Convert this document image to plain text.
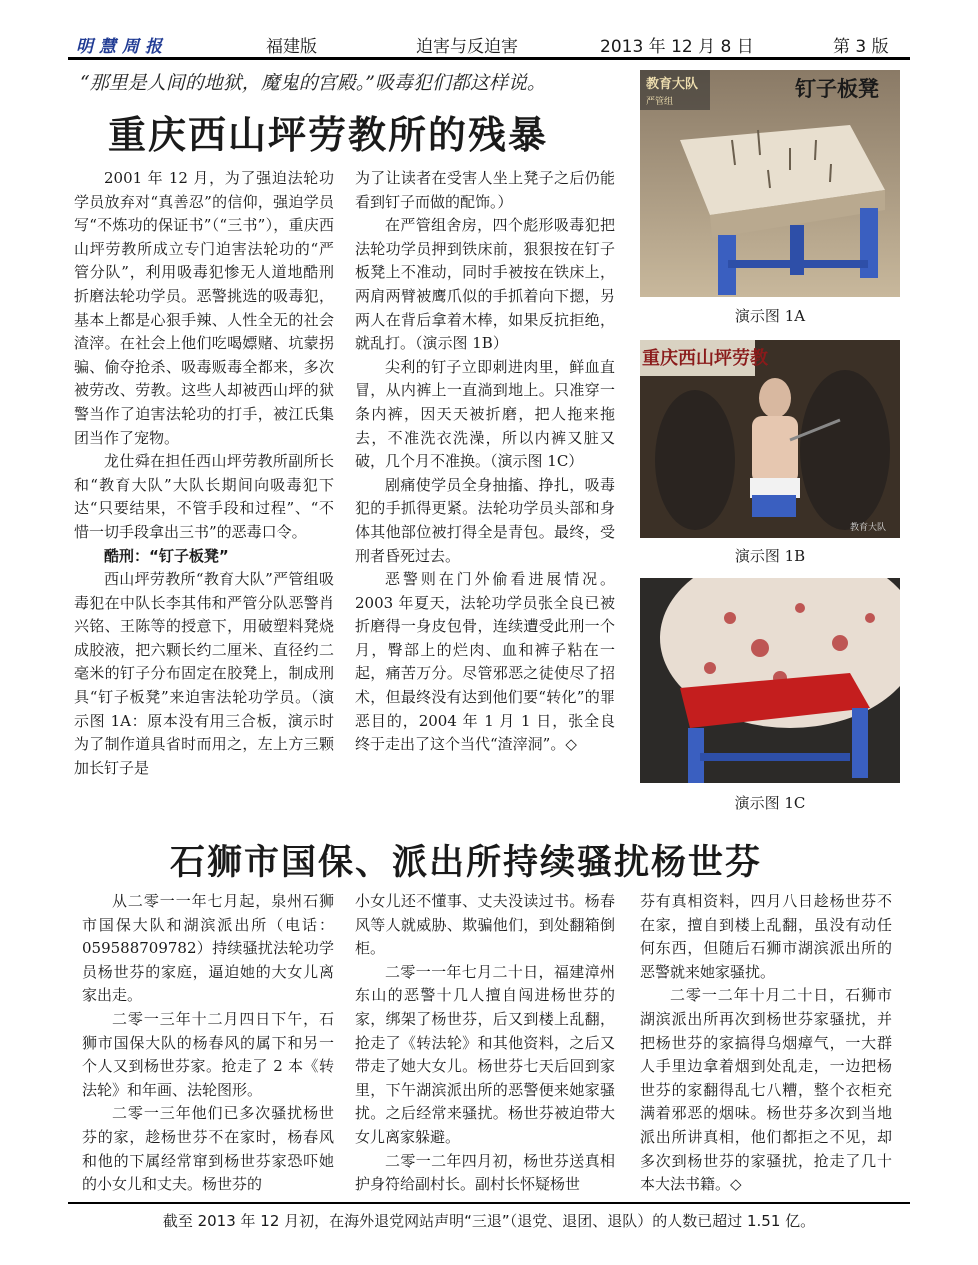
明慧周报	福建版	迫害与反迫害	2013 年 12 月 8 日	第 3 版
“那里是人间的地狱，魔鬼的宫殿。”吸毒犯们都这样说。
重庆西山坪劳教所的残暴

2001 年 12 月，为了强迫法轮功学员放弃对“真善忍”的信仰，强迫学员写“不炼功的保证书”（“三书”），重庆西山坪劳教所成立专门迫害法轮功的“严管分队”，利用吸毒犯惨无人道地酷刑折磨法轮功学员。恶警挑选的吸毒犯，基本上都是心狠手辣、人性全无的社会渣滓。在社会上他们吃喝嫖赌、坑蒙拐骗、偷夺抢杀、吸毒贩毒全都来，多次被劳改、劳教。这些人却被西山坪的狱警当作了迫害法轮功的打手，被江氏集团当作了宠物。

龙仕舜在担任西山坪劳教所副所长和“教育大队”大队长期间向吸毒犯下达“只要结果，不管手段和过程”、“不惜一切手段拿出三书”的恶毒口令。

酷刑：“钉子板凳”

西山坪劳教所“教育大队”严管组吸毒犯在中队长李其伟和严管分队恶警肖兴铭、王陈等的授意下，用破塑料凳烧成胶液，把六颗长约二厘米、直径约二毫米的钉子分布固定在胶凳上，制成刑具“钉子板凳”来迫害法轮功学员。（演示图 1A：原本没有用三合板，演示时为了制作道具省时而用之，左上方三颗加长钉子是

为了让读者在受害人坐上凳子之后仍能看到钉子而做的配饰。）

在严管组舍房，四个彪形吸毒犯把法轮功学员押到铁床前，狠狠按在钉子板凳上不准动，同时手被按在铁床上，两肩两臂被鹰爪似的手抓着向下摁，另两人在背后拿着木棒，如果反抗拒绝，就乱打。（演示图 1B）

尖利的钉子立即刺进肉里，鲜血直冒，从内裤上一直淌到地上。只准穿一条内裤，因天天被折磨，把人拖来拖去，不准洗衣洗澡，所以内裤又脏又破，几个月不准换。（演示图 1C）

剧痛使学员全身抽搐、挣扎，吸毒犯的手抓得更紧。法轮功学员头部和身体其他部位被打得全是青包。最终，受刑者昏死过去。

恶警则在门外偷看进展情况。2003 年夏天，法轮功学员张全良已被折磨得一身皮包骨，连续遭受此刑一个月，臀部上的烂肉、血和裤子粘在一起，痛苦万分。尽管邪恶之徒使尽了招术，但最终没有达到他们要“转化”的罪恶目的，2004 年 1 月 1 日，张全良终于走出了这个当代“渣滓洞”。◇

教育大队
严管组
钉子板凳
演示图 1A
重庆西山坪劳教
教育大队
演示图 1B
演示图 1C
石狮市国保、派出所持续骚扰杨世芬

从二零一一年七月起，泉州石狮市国保大队和湖滨派出所（电话：059588709782）持续骚扰法轮功学员杨世芬的家庭，逼迫她的大女儿离家出走。

二零一三年十二月四日下午，石狮市国保大队的杨春风的属下和另一个人又到杨世芬家。抢走了 2 本《转法轮》和年画、法轮图形。

二零一三年他们已多次骚扰杨世芬的家，趁杨世芬不在家时，杨春风和他的下属经常窜到杨世芬家恐吓她的小女儿和丈夫。杨世芬的

小女儿还不懂事、丈夫没读过书。杨春风等人就威胁、欺骗他们，到处翻箱倒柜。

二零一一年七月二十日，福建漳州东山的恶警十几人擅自闯进杨世芬的家，绑架了杨世芬，后又到楼上乱翻，抢走了《转法轮》和其他资料，之后又带走了她大女儿。杨世芬七天后回到家里，下午湖滨派出所的恶警便来她家骚扰。之后经常来骚扰。杨世芬被迫带大女儿离家躲避。

二零一二年四月初，杨世芬送真相护身符给副村长。副村长怀疑杨世

芬有真相资料，四月八日趁杨世芬不在家，擅自到楼上乱翻，虽没有动任何东西，但随后石狮市湖滨派出所的恶警就来她家骚扰。

二零一二年十月二十日，石狮市湖滨派出所再次到杨世芬家骚扰，并把杨世芬的家搞得乌烟瘴气，一大群人手里边拿着烟到处乱走，一边把杨世芬的家翻得乱七八糟，整个衣柜充满着邪恶的烟味。杨世芬多次到当地派出所讲真相，他们都拒之不见，却多次到杨世芬的家骚扰，抢走了几十本大法书籍。◇

截至 2013 年 12 月初，在海外退党网站声明“三退”（退党、退团、退队）的人数已超过 1.51 亿。
